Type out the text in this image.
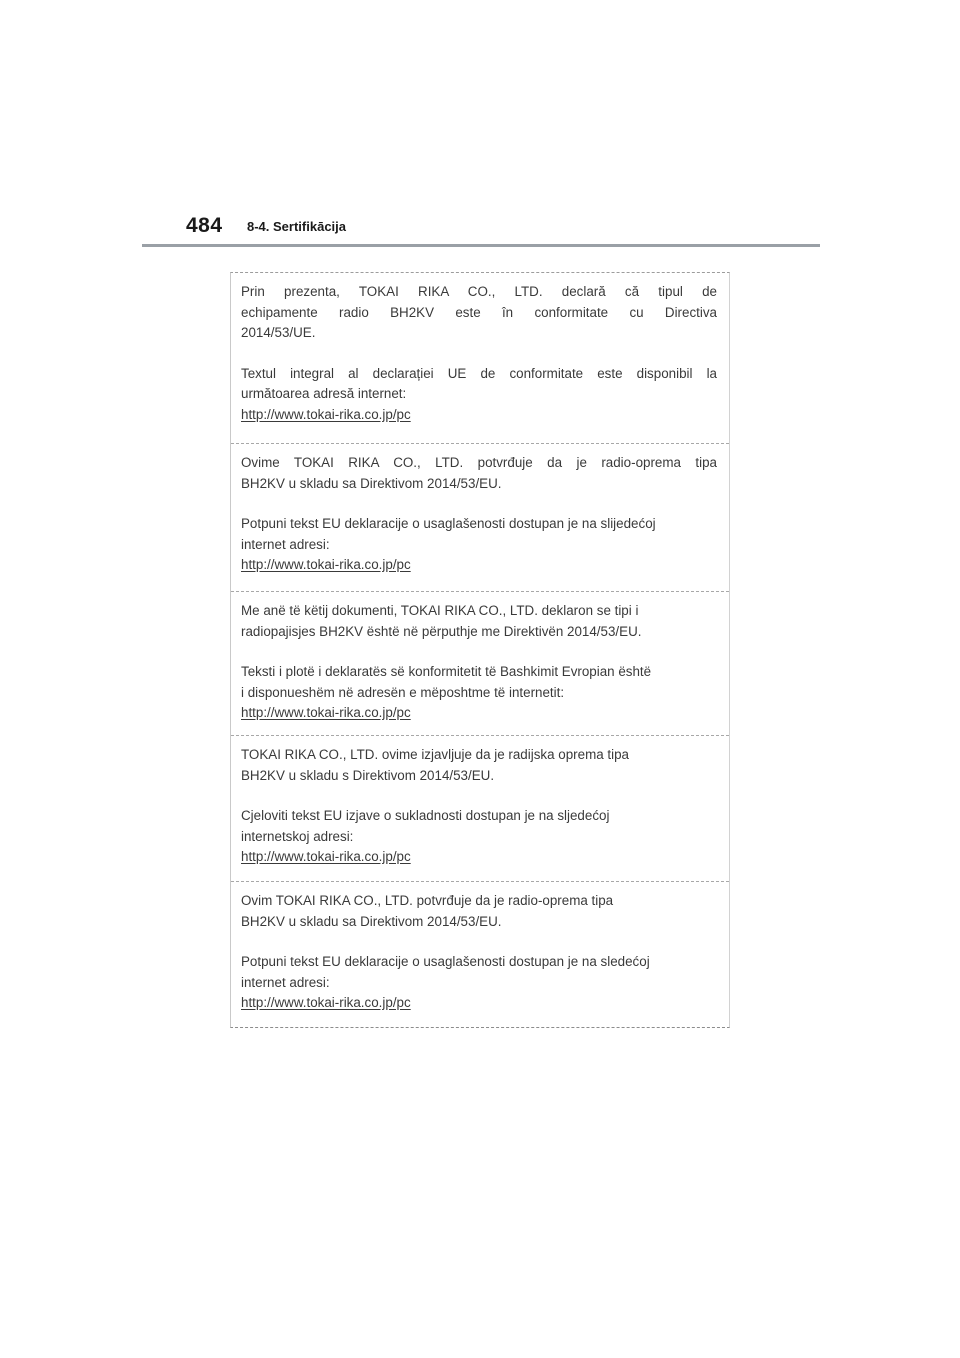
484 8-4. Sertifikācija

Prin prezenta, TOKAI RIKA CO., LTD. declară că tipul de
echipamente radio BH2KV este în conformitate cu Directiva
2014/53/UE.

Textul integral al declarației UE de conformitate este disponibil la
următoarea adresă internet:
http://www.tokai-rika.co.jp/pc

Ovime TOKAI RIKA CO., LTD. potvrđuje da je radio-oprema tipa
BH2KV u skladu sa Direktivom 2014/53/EU.

Potpuni tekst EU deklaracije o usaglašenosti dostupan je na slijedećoj
internet adresi:
http://www.tokai-rika.co.jp/pc

Me anë të këtij dokumenti, TOKAI RIKA CO., LTD. deklaron se tipi i
radiopajisjes BH2KV është në përputhje me Direktivën 2014/53/EU.

Teksti i plotë i deklaratës së konformitetit të Bashkimit Evropian është
i disponueshëm në adresën e mëposhtme të internetit:
http://www.tokai-rika.co.jp/pc

TOKAI RIKA CO., LTD. ovime izjavljuje da je radijska oprema tipa
BH2KV u skladu s Direktivom 2014/53/EU.

Cjeloviti tekst EU izjave o sukladnosti dostupan je na sljedećoj
internetskoj adresi:
http://www.tokai-rika.co.jp/pc

Ovim TOKAI RIKA CO., LTD. potvrđuje da je radio-oprema tipa
BH2KV u skladu sa Direktivom 2014/53/EU.

Potpuni tekst EU deklaracije o usaglašenosti dostupan je na sledećoj
internet adresi:
http://www.tokai-rika.co.jp/pc
